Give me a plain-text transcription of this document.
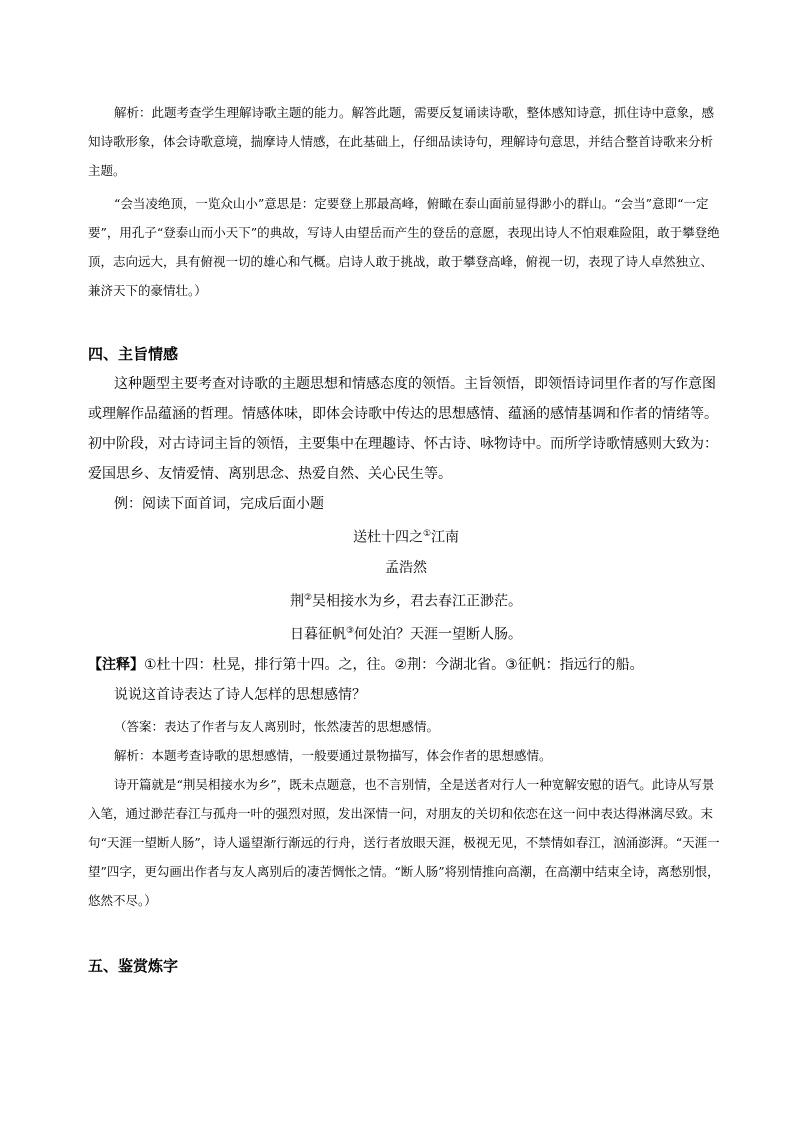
解析：此题考查学生理解诗歌主题的能力。解答此题，需要反复诵读诗歌，整体感知诗意，抓住诗中意象，感知诗歌形象，体会诗歌意境，揣摩诗人情感，在此基础上，仔细品读诗句，理解诗句意思，并结合整首诗歌来分析主题。

“会当凌绝顶，一览众山小”意思是：定要登上那最高峰，俯瞰在泰山面前显得渺小的群山。“会当”意即“一定要”，用孔子“登泰山而小天下”的典故，写诗人由望岳而产生的登岳的意愿，表现出诗人不怕艰难险阻，敢于攀登绝顶，志向远大，具有俯视一切的雄心和气概。启诗人敢于挑战，敢于攀登高峰，俯视一切，表现了诗人卓然独立、兼济天下的豪情壮。）

四、主旨情感

这种题型主要考查对诗歌的主题思想和情感态度的领悟。主旨领悟，即领悟诗词里作者的写作意图或理解作品蕴涵的哲理。情感体味，即体会诗歌中传达的思想感情、蕴涵的感情基调和作者的情绪等。初中阶段，对古诗词主旨的领悟，主要集中在理趣诗、怀古诗、咏物诗中。而所学诗歌情感则大致为：爱国思乡、友情爱情、离别思念、热爱自然、关心民生等。

例：阅读下面首词，完成后面小题

送杜十四之①江南

孟浩然

荆②吴相接水为乡，君去春江正渺茫。

日暮征帆③何处泊？天涯一望断人肠。

【注释】①杜十四：杜晃，排行第十四。之，往。②荆：今湖北省。③征帆：指远行的船。

说说这首诗表达了诗人怎样的思想感情？

（答案：表达了作者与友人离别时，怅然凄苦的思想感情。

解析：本题考查诗歌的思想感情，一般要通过景物描写，体会作者的思想感情。

诗开篇就是“荆吴相接水为乡”，既未点题意，也不言别情，全是送者对行人一种宽解安慰的语气。此诗从写景入笔，通过渺茫春江与孤舟一叶的强烈对照，发出深情一问，对朋友的关切和依恋在这一问中表达得淋漓尽致。末句“天涯一望断人肠”，诗人遥望渐行渐远的行舟，送行者放眼天涯，极视无见，不禁情如春江，汹涌澎湃。“天涯一望”四字，更勾画出作者与友人离别后的凄苦惆怅之情。“断人肠”将别情推向高潮，在高潮中结束全诗，离愁别恨，悠然不尽。）

五、鉴赏炼字
